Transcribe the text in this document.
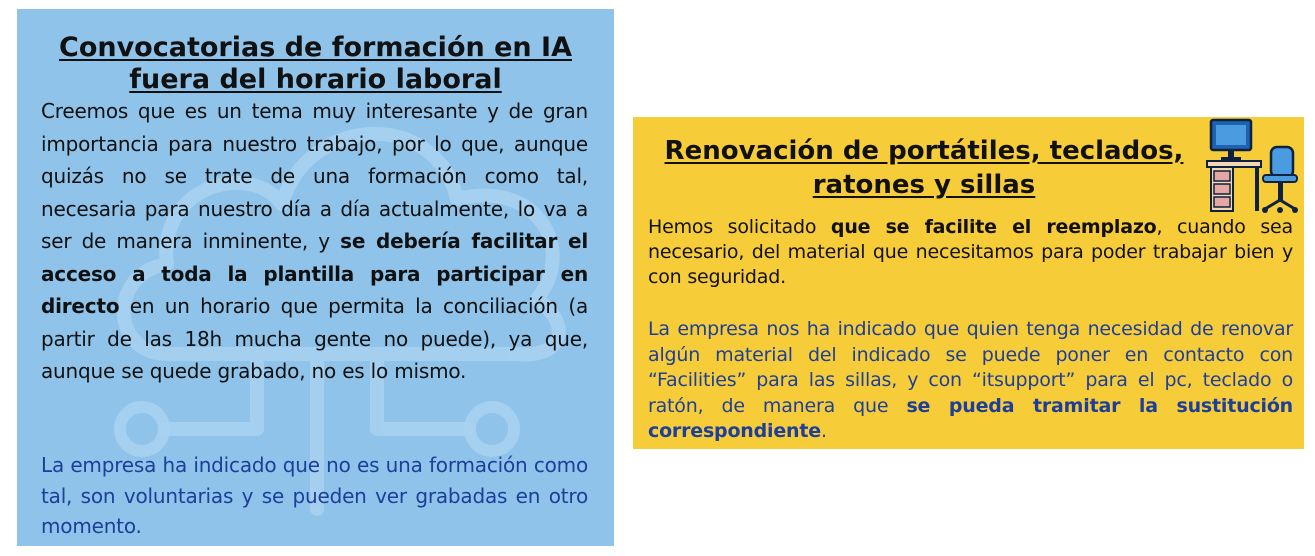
Convocatorias de formación en IA
fuera del horario laboral

Creemos que es un tema muy interesante y de gran importancia para nuestro trabajo, por lo que, aunque quizás no se trate de una formación como tal, necesaria para nuestro día a día actualmente, lo va a ser de manera inminente, y se debería facilitar el acceso a toda la plantilla para participar en directo en un horario que permita la conciliación (a partir de las 18h mucha gente no puede), ya que, aunque se quede grabado, no es lo mismo.

La empresa ha indicado que no es una formación como tal, son voluntarias y se pueden ver grabadas en otro momento.

Renovación de portátiles, teclados,
ratones y sillas

Hemos solicitado que se facilite el reemplazo, cuando sea necesario, del material que necesitamos para poder trabajar bien y con seguridad.

La empresa nos ha indicado que quien tenga necesidad de renovar algún material del indicado se puede poner en contacto con “Facilities” para las sillas, y con “itsupport” para el pc, teclado o ratón, de manera que se pueda tramitar la sustitución correspondiente.
